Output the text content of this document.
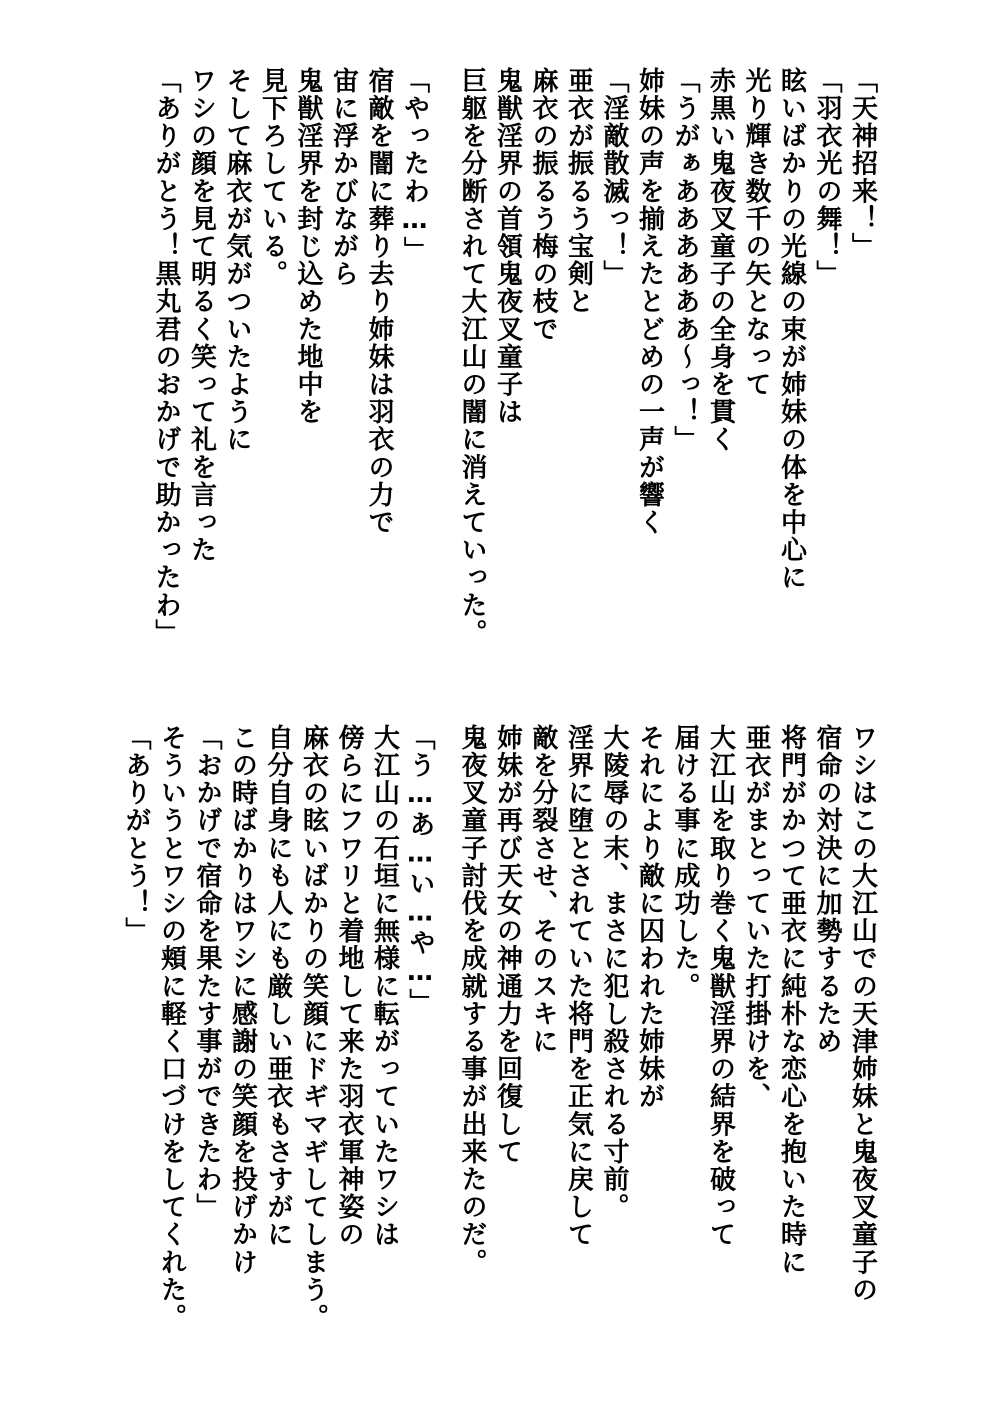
「天神招来！」

「羽衣光の舞！」

眩いばかりの光線の束が姉妹の体を中心に

光り輝き数千の矢となって

赤黒い鬼夜叉童子の全身を貫く

「うがぁああああああ〜っ！」

姉妹の声を揃えたとどめの一声が響く

「淫敵散滅っ！」

亜衣が振るう宝剣と

麻衣の振るう梅の枝で

鬼獣淫界の首領鬼夜叉童子は

巨躯を分断されて大江山の闇に消えていった。

「やったわ…」

宿敵を闇に葬り去り姉妹は羽衣の力で

宙に浮かびながら

鬼獣淫界を封じ込めた地中を

見下ろしている。

そして麻衣が気がついたように

ワシの顔を見て明るく笑って礼を言った

「ありがとう！黒丸君のおかげで助かったわ」

ワシはこの大江山での天津姉妹と鬼夜叉童子の

宿命の対決に加勢するため

将門がかつて亜衣に純朴な恋心を抱いた時に

亜衣がまとっていた打掛けを、

大江山を取り巻く鬼獣淫界の結界を破って

届ける事に成功した。

それにより敵に囚われた姉妹が

大陵辱の末、まさに犯し殺される寸前。

淫界に堕とされていた将門を正気に戻して

敵を分裂させ、そのスキに

姉妹が再び天女の神通力を回復して

鬼夜叉童子討伐を成就する事が出来たのだ。

「う…あ…い…や…」

大江山の石垣に無様に転がっていたワシは

傍らにフワリと着地して来た羽衣軍神姿の

麻衣の眩いばかりの笑顔にドギマギしてしまう。

自分自身にも人にも厳しい亜衣もさすがに

この時ばかりはワシに感謝の笑顔を投げかけ

「おかげで宿命を果たす事ができたわ」

そういうとワシの頬に軽く口づけをしてくれた。

「ありがとう！」
